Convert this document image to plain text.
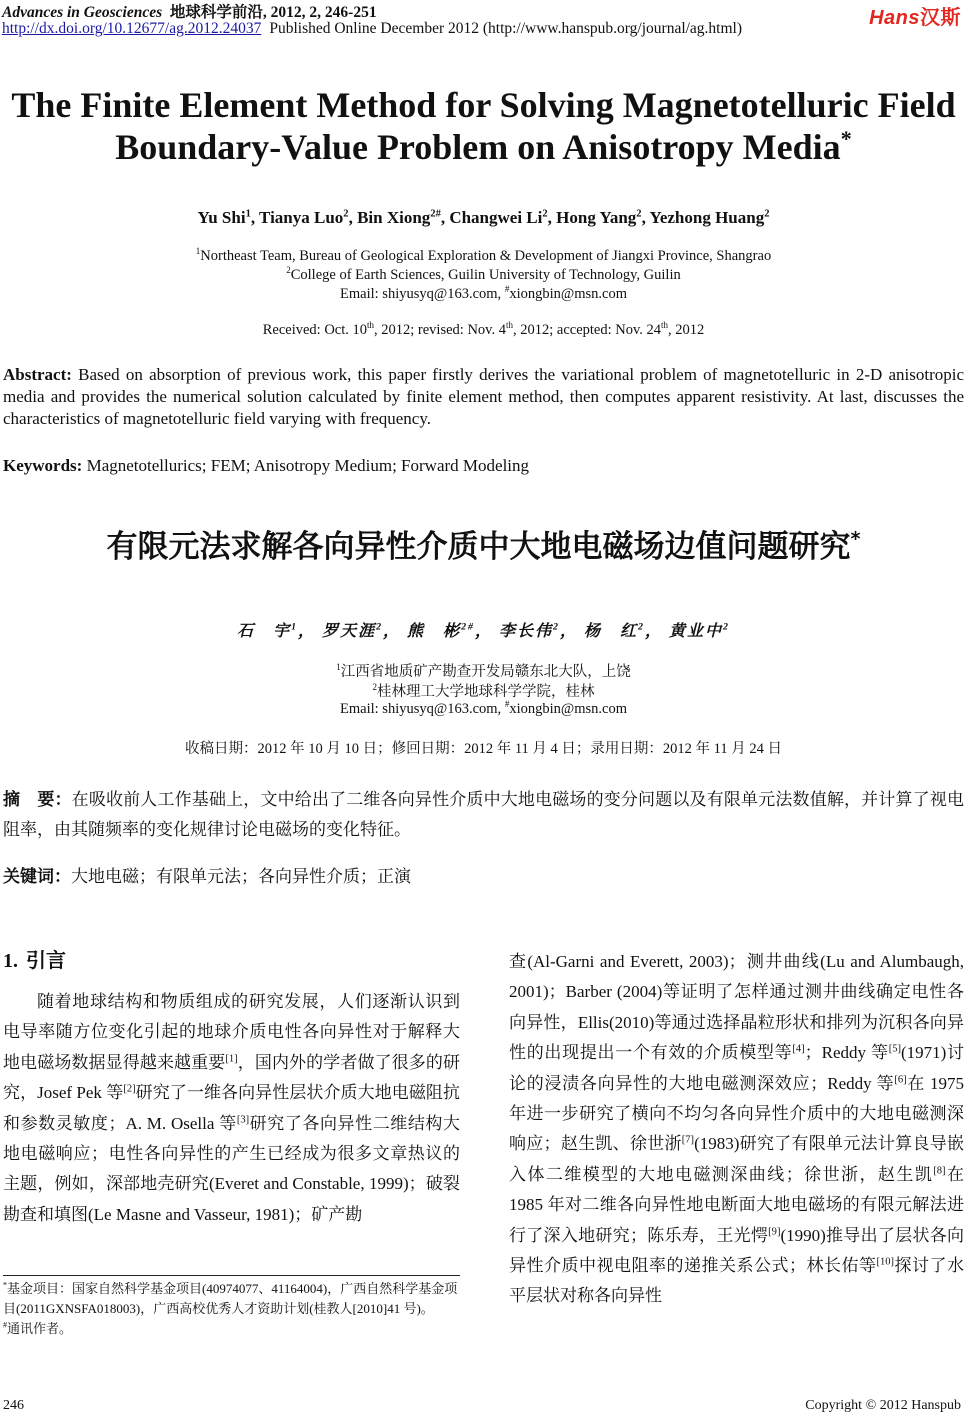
Advances in Geosciences 地球科学前沿, 2012, 2, 246-251
http://dx.doi.org/10.12677/ag.2012.24037 Published Online December 2012 (http://www.hanspub.org/journal/ag.html)	Hans汉斯
The Finite Element Method for Solving Magnetotelluric Field
Boundary-Value Problem on Anisotropy Media*
Yu Shi$^1$, Tianya Luo$^2$, Bin Xiong$^{2\#}$, Changwei Li$^2$, Hong Yang$^2$, Yezhong Huang$^2$
$^1$Northeast Team, Bureau of Geological Exploration & Development of Jiangxi Province, Shangrao
$^2$College of Earth Sciences, Guilin University of Technology, Guilin
Email: shiyusyq@163.com, #xiongbin@msn.com
Received: Oct. 10th, 2012; revised: Nov. 4th, 2012; accepted: Nov. 24th, 2012
Abstract: Based on absorption of previous work, this paper firstly derives the variational problem of magnetotelluric in 2-D anisotropic media and provides the numerical solution calculated by finite element method, then computes apparent resistivity. At last, discusses the characteristics of magnetotelluric field varying with frequency.
Keywords: Magnetotellurics; FEM; Anisotropy Medium; Forward Modeling
有限元法求解各向异性介质中大地电磁场边值问题研究*
石　宇$^1$， 罗天涯$^2$， 熊　彬$^{2\#}$， 李长伟$^2$， 杨　红$^2$， 黄业中$^2$
$^1$江西省地质矿产勘查开发局赣东北大队，上饶
$^2$桂林理工大学地球科学学院，桂林
Email: shiyusyq@163.com, #xiongbin@msn.com
收稿日期：2012 年 10 月 10 日；修回日期：2012 年 11 月 4 日；录用日期：2012 年 11 月 24 日
摘　要：在吸收前人工作基础上，文中给出了二维各向异性介质中大地电磁场的变分问题以及有限单元法数值解，并计算了视电阻率，由其随频率的变化规律讨论电磁场的变化特征。
关键词：大地电磁；有限单元法；各向异性介质；正演
1. 引言
随着地球结构和物质组成的研究发展，人们逐渐认识到电导率随方位变化引起的地球介质电性各向异性对于解释大地电磁场数据显得越来越重要[1]，国内外的学者做了很多的研究，Josef Pek 等[2]研究了一维各向异性层状介质大地电磁阻抗和参数灵敏度；A. M. Osella 等[3]研究了各向异性二维结构大地电磁响应；电性各向异性的产生已经成为很多文章热议的主题，例如，深部地壳研究(Everet and Constable, 1999)；破裂勘查和填图(Le Masne and Vasseur, 1981)；矿产勘
查(Al-Garni and Everett, 2003)；测井曲线(Lu and Alumbaugh, 2001)；Barber (2004)等证明了怎样通过测井曲线确定电性各向异性，Ellis(2010)等通过选择晶粒形状和排列为沉积各向异性的出现提出一个有效的介质模型等[4]；Reddy 等[5](1971)讨论的浸渍各向异性的大地电磁测深效应；Reddy 等[6]在 1975 年进一步研究了横向不均匀各向异性介质中的大地电磁测深响应；赵生凯、徐世浙[7](1983)研究了有限单元法计算良导嵌入体二维模型的大地电磁测深曲线；徐世浙，赵生凯[8]在 1985 年对二维各向异性地电断面大地电磁场的有限元解法进行了深入地研究；陈乐寿，王光愕[9](1990)推导出了层状各向异性介质中视电阻率的递推关系公式；林长佑等[10]探讨了水平层状对称各向异性
*基金项目：国家自然科学基金项目(40974077、41164004)，广西自然科学基金项目(2011GXNSFA018003)，广西高校优秀人才资助计划(桂教人[2010]41 号)。
#通讯作者。
246	Copyright © 2012 Hanspub
